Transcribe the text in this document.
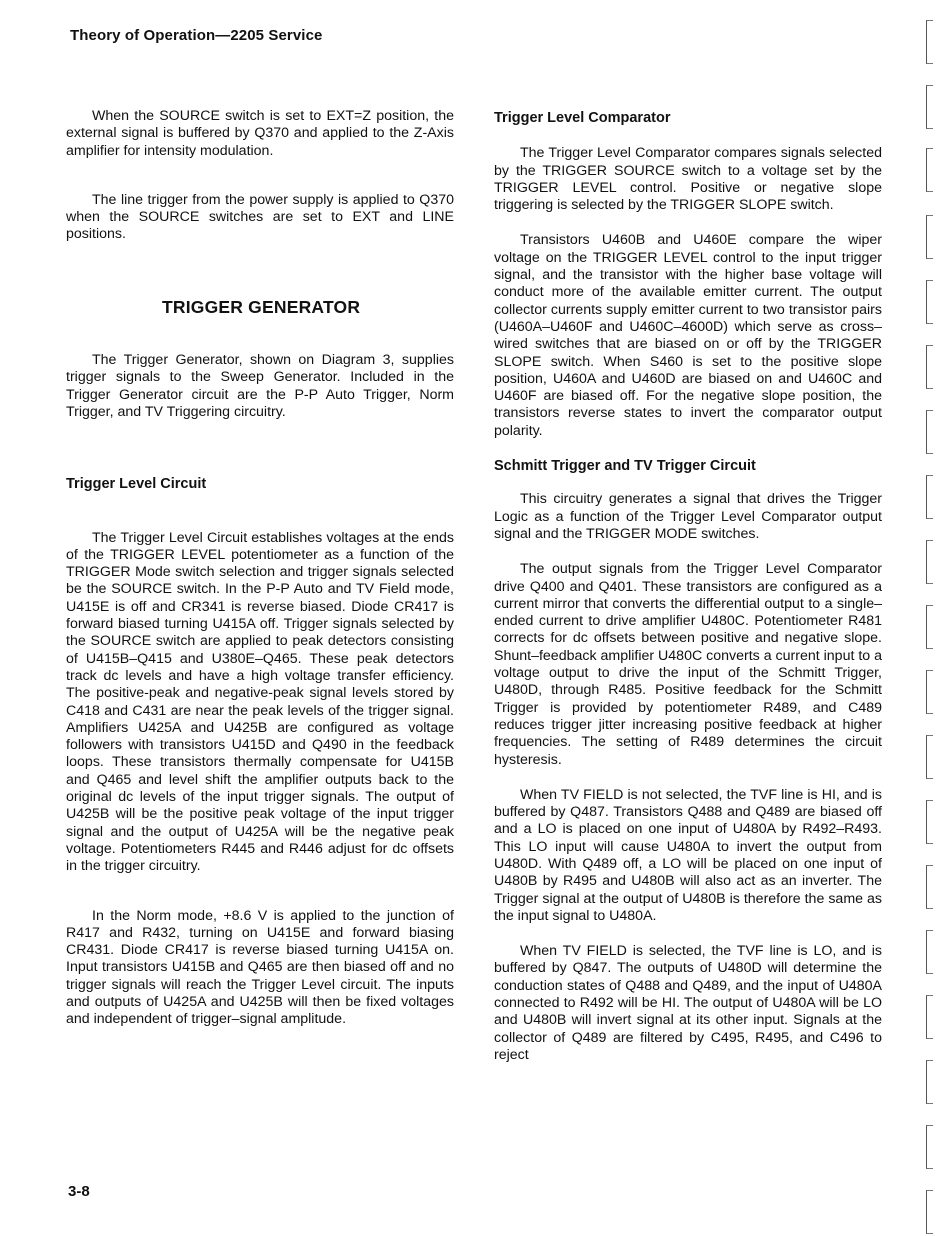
Theory of Operation—2205 Service

When the SOURCE switch is set to EXT=Z position, the external signal is buffered by Q370 and applied to the Z-Axis amplifier for intensity modulation.

The line trigger from the power supply is applied to Q370 when the SOURCE switches are set to EXT and LINE positions.

TRIGGER GENERATOR

The Trigger Generator, shown on Diagram 3, supplies trigger signals to the Sweep Generator. Included in the Trigger Generator circuit are the P-P Auto Trigger, Norm Trigger, and TV Triggering circuitry.

Trigger Level Circuit

The Trigger Level Circuit establishes voltages at the ends of the TRIGGER LEVEL potentiometer as a function of the TRIGGER Mode switch selection and trigger signals selected be the SOURCE switch. In the P-P Auto and TV Field mode, U415E is off and CR341 is reverse biased. Diode CR417 is forward biased turning U415A off. Trigger signals selected by the SOURCE switch are applied to peak detectors consisting of U415B–Q415 and U380E–Q465. These peak detectors track dc levels and have a high voltage transfer efficiency. The positive-peak and negative-peak signal levels stored by C418 and C431 are near the peak levels of the trigger signal. Amplifiers U425A and U425B are configured as voltage followers with transistors U415D and Q490 in the feedback loops. These transistors thermally compensate for U415B and Q465 and level shift the amplifier outputs back to the original dc levels of the input trigger signals. The output of U425B will be the positive peak voltage of the input trigger signal and the output of U425A will be the negative peak voltage. Potentiometers R445 and R446 adjust for dc offsets in the trigger circuitry.

In the Norm mode, +8.6 V is applied to the junction of R417 and R432, turning on U415E and forward biasing CR431. Diode CR417 is reverse biased turning U415A on. Input transistors U415B and Q465 are then biased off and no trigger signals will reach the Trigger Level circuit. The inputs and outputs of U425A and U425B will then be fixed voltages and independent of trigger–signal amplitude.

Trigger Level Comparator

The Trigger Level Comparator compares signals selected by the TRIGGER SOURCE switch to a voltage set by the TRIGGER LEVEL control. Positive or negative slope triggering is selected by the TRIGGER SLOPE switch.

Transistors U460B and U460E compare the wiper voltage on the TRIGGER LEVEL control to the input trigger signal, and the transistor with the higher base voltage will conduct more of the available emitter current. The output collector currents supply emitter current to two transistor pairs (U460A–U460F and U460C–4600D) which serve as cross–wired switches that are biased on or off by the TRIGGER SLOPE switch. When S460 is set to the positive slope position, U460A and U460D are biased on and U460C and U460F are biased off. For the negative slope position, the transistors reverse states to invert the comparator output polarity.

Schmitt Trigger and TV Trigger Circuit

This circuitry generates a signal that drives the Trigger Logic as a function of the Trigger Level Comparator output signal and the TRIGGER MODE switches.

The output signals from the Trigger Level Comparator drive Q400 and Q401. These transistors are configured as a current mirror that converts the differential output to a single–ended current to drive amplifier U480C. Potentiometer R481 corrects for dc offsets between positive and negative slope. Shunt–feedback amplifier U480C converts a current input to a voltage output to drive the input of the Schmitt Trigger, U480D, through R485. Positive feedback for the Schmitt Trigger is provided by potentiometer R489, and C489 reduces trigger jitter increasing positive feedback at higher frequencies. The setting of R489 determines the circuit hysteresis.

When TV FIELD is not selected, the TVF line is HI, and is buffered by Q487. Transistors Q488 and Q489 are biased off and a LO is placed on one input of U480A by R492–R493. This LO input will cause U480A to invert the output from U480D. With Q489 off, a LO will be placed on one input of U480B by R495 and U480B will also act as an inverter. The Trigger signal at the output of U480B is therefore the same as the input signal to U480A.

When TV FIELD is selected, the TVF line is LO, and is buffered by Q847. The outputs of U480D will determine the conduction states of Q488 and Q489, and the input of U480A connected to R492 will be HI. The output of U480A will be LO and U480B will invert signal at its other input. Signals at the collector of Q489 are filtered by C495, R495, and C496 to reject

3-8
